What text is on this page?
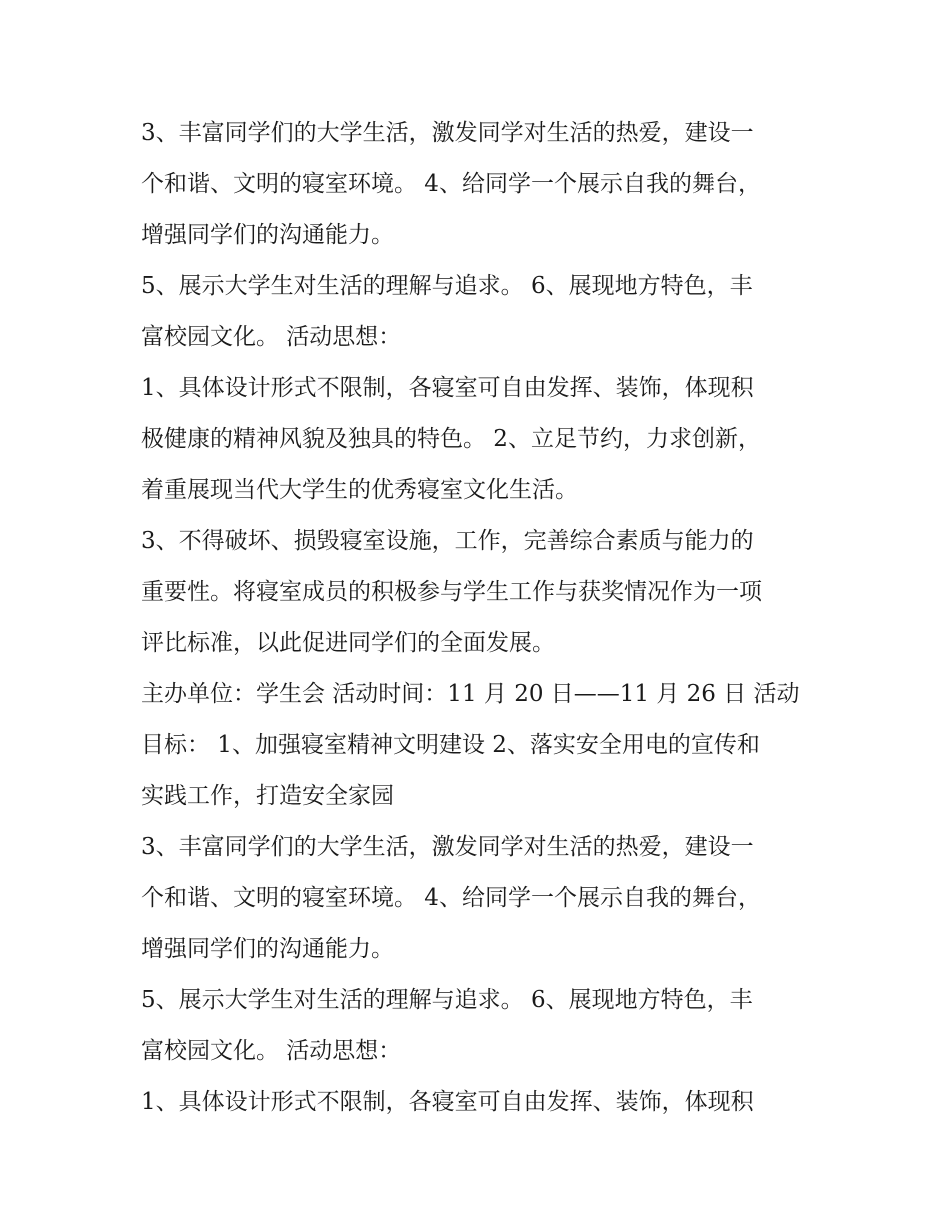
3、丰富同学们的大学生活，激发同学对生活的热爱，建设一
个和谐、文明的寝室环境。 4、给同学一个展示自我的舞台，
增强同学们的沟通能力。
5、展示大学生对生活的理解与追求。 6、展现地方特色，丰
富校园文化。 活动思想：
1、具体设计形式不限制，各寝室可自由发挥、装饰，体现积
极健康的精神风貌及独具的特色。 2、立足节约，力求创新，
着重展现当代大学生的优秀寝室文化生活。
3、不得破坏、损毁寝室设施，工作，完善综合素质与能力的
重要性。将寝室成员的积极参与学生工作与获奖情况作为一项
评比标准，以此促进同学们的全面发展。
主办单位：学生会 活动时间：11 月 20 日——11 月 26 日 活动
目标： 1、加强寝室精神文明建设 2、落实安全用电的宣传和
实践工作，打造安全家园
3、丰富同学们的大学生活，激发同学对生活的热爱，建设一
个和谐、文明的寝室环境。 4、给同学一个展示自我的舞台，
增强同学们的沟通能力。
5、展示大学生对生活的理解与追求。 6、展现地方特色，丰
富校园文化。 活动思想：
1、具体设计形式不限制，各寝室可自由发挥、装饰，体现积
